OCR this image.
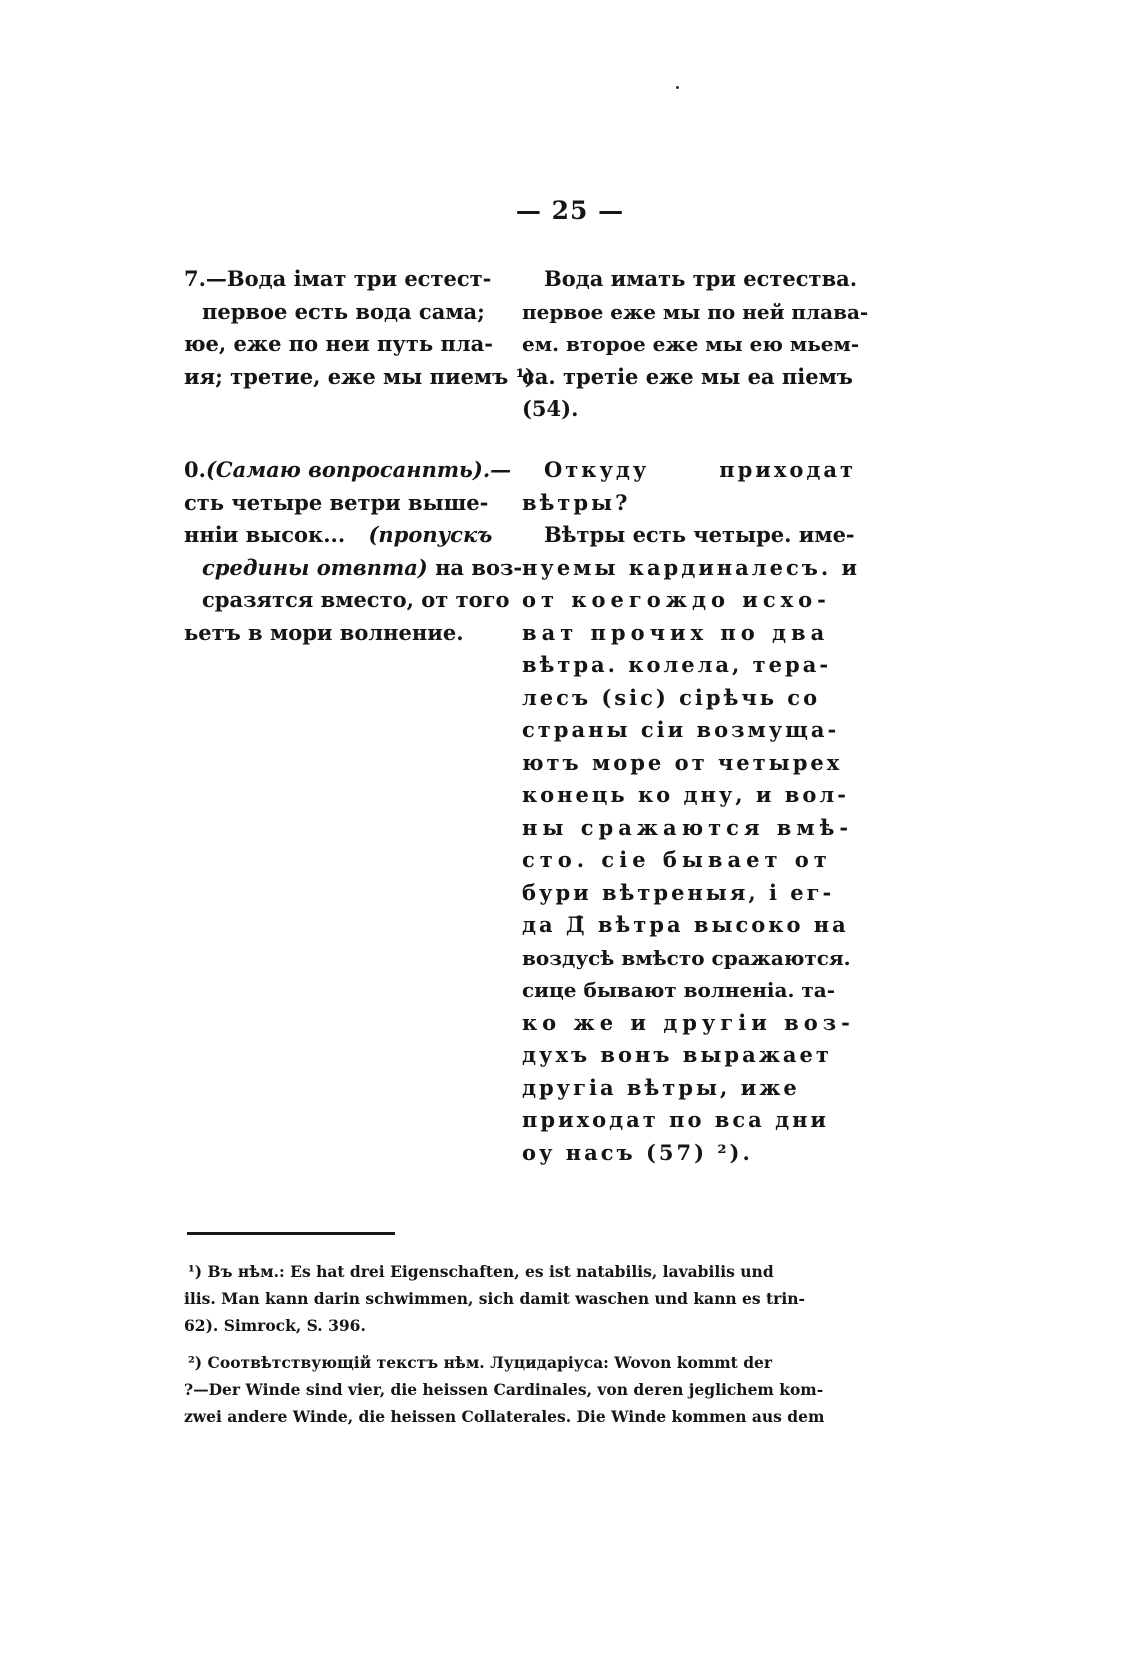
— 25 —

7.—Вода імат три естест-

первое есть вода сама;

юе, еже по неи путь пла-

ия; третие, еже мы пиемъ ¹).

0.(Самаю вопросанпть).—

сть четыре ветри выше-

нніи высок... (пропускъ

средины отвпта) на воз-

сразятся вместо, от того

ьетъ в мори волнение.

Вода имать три естества.

первое еже мы по ней плава-

ем. второе еже мы ею мьем-

са. третіе еже мы еа піемъ

(54).

Откуду	приходат

вѣтры?

Вѣтры есть четыре. име-

нуемы кардиналесъ. и

от коегождо исхо-

ват прочих по два

вѣтра. колела, тера-

лесъ (sic) сірѣчь со

страны сіи возмуща-

ютъ море от четырех

конець ко дну, и вол-

ны сражаются вмѣ-

сто. сіе бывает от

бури вѣтреныя, і ег-

да Д̑ вѣтра высоко на

воздусѣ вмѣсто сражаются.

сице бывают волненіа. та-

ко же и другіи воз-

духъ вонъ выражает

другіа вѣтры, иже

приходат по вса дни

оу насъ (57) ²).

¹) Въ нѣм.: Es hat drei Eigenschaften, es ist natabilis, lavabilis und

ilis. Man kann darin schwimmen, sich damit waschen und kann es trin-

62). Simrock, S. 396.

²) Соотвѣтствующій текстъ нѣм. Луцидаріуса: Wovon kommt der

?—Der Winde sind vier, die heissen Cardinales, von deren jeglichem kom-

zwei andere Winde, die heissen Collaterales. Die Winde kommen aus dem
